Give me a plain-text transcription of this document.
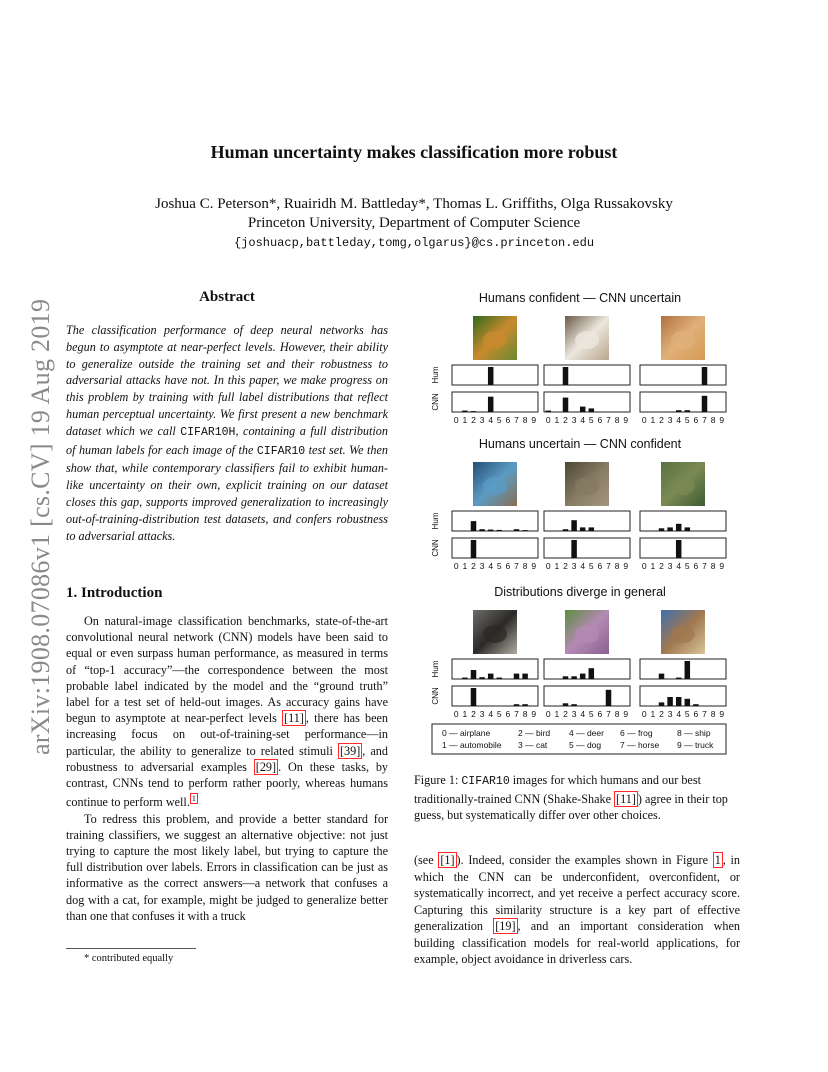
arXiv:1908.07086v1 [cs.CV] 19 Aug 2019
Human uncertainty makes classification more robust
Joshua C. Peterson*, Ruairidh M. Battleday*, Thomas L. Griffiths, Olga Russakovsky
Princeton University, Department of Computer Science
{joshuacp,battleday,tomg,olgarus}@cs.princeton.edu
Abstract
The classification performance of deep neural networks has begun to asymptote at near-perfect levels. However, their ability to generalize outside the training set and their robustness to adversarial attacks have not. In this paper, we make progress on this problem by training with full label distributions that reflect human perceptual uncertainty. We first present a new benchmark dataset which we call CIFAR10H, containing a full distribution of human labels for each image of the CIFAR10 test set. We then show that, while contemporary classifiers fail to exhibit human-like uncertainty on their own, explicit training on our dataset closes this gap, supports improved generalization to increasingly out-of-training-distribution test datasets, and confers robustness to adversarial attacks.
1. Introduction

On natural-image classification benchmarks, state-of-the-art convolutional neural network (CNN) models have been said to equal or even surpass human performance, as measured in terms of “top-1 accuracy”—the correspondence between the most probable label indicated by the model and the “ground truth” label for a test set of held-out images. As accuracy gains have begun to asymptote at near-perfect levels [11] , there has been increasing focus on out-of-training-set performance—in particular, the ability to generalize to related stimuli [39] , and robustness to adversarial examples [29] . On these tasks, by contrast, CNNs tend to perform rather poorly, whereas humans continue to perform well. $^1$

To redress this problem, and provide a better standard for training classifiers, we suggest an alternative objective: not just trying to capture the most likely label, but trying to capture the full distribution over labels. Errors in classification can be just as informative as the correct answers—a network that confuses a dog with a cat, for example, might be judged to generalize better than one that confuses it with a truck

* contributed equally
Humans confident — CNN uncertain
Hum
CNN
0 1 2 3 4 5 6 7 8 9 0 1 2 3 4 5 6 7 8 9 0 1 2 3 4 5 6 7 8 9
Humans uncertain — CNN confident
Hum
CNN
0 1 2 3 4 5 6 7 8 9 0 1 2 3 4 5 6 7 8 9 0 1 2 3 4 5 6 7 8 9
Distributions diverge in general
Hum
CNN
0 1 2 3 4 5 6 7 8 9 0 1 2 3 4 5 6 7 8 9 0 1 2 3 4 5 6 7 8 9
0 — airplane	2 — bird 4 — deer 6 — frog	8 — ship
1 — automobile 3 — cat	5 — dog 7 — horse 9 — truck
Figure 1: CIFAR10 images for which humans and our best traditionally-trained CNN (Shake-Shake [11] ) agree in their top guess, but systematically differ over other choices.
(see [1] ). Indeed, consider the examples shown in Figure 1 , in which the CNN can be underconfident, overconfident, or systematically incorrect, and yet receive a perfect accuracy score. Capturing this similarity structure is a key part of effective generalization [19] , and an important consideration when building classification models for real-world applications, for example, object avoidance in driverless cars.
